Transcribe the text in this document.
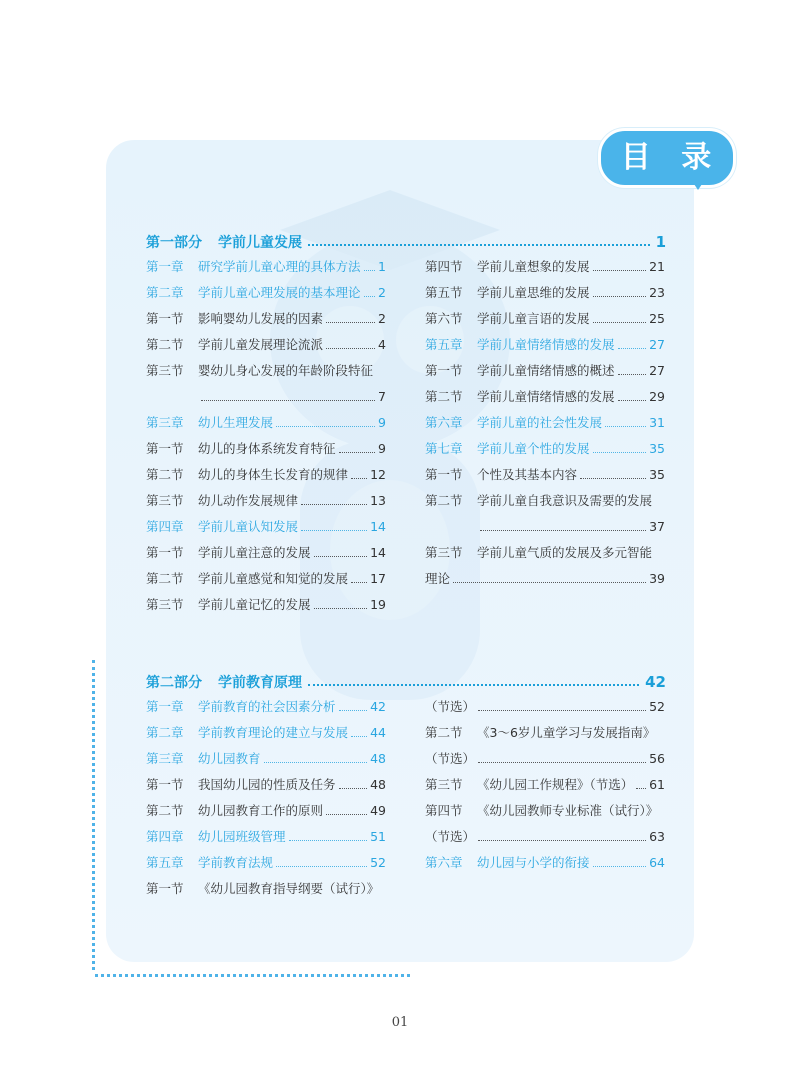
目 录
第一部分 学前儿童发展	1
第一章	研究学前儿童心理的具体方法 1
第二章	学前儿童心理发展的基本理论 2
第一节	影响婴幼儿发展的因素	2
第二节	学前儿童发展理论流派	4
第三节	婴幼儿身心发展的年龄阶段特征
7
第三章	幼儿生理发展	9
第一节	幼儿的身体系统发育特征	9
第二节	幼儿的身体生长发育的规律 12
第三节	幼儿动作发展规律	13
第四章	学前儿童认知发展	14
第一节	学前儿童注意的发展	14
第二节	学前儿童感觉和知觉的发展 17
第三节	学前儿童记忆的发展	19
第四节	学前儿童想象的发展	21
第五节	学前儿童思维的发展	23
第六节	学前儿童言语的发展	25
第五章	学前儿童情绪情感的发展	27
第一节	学前儿童情绪情感的概述	27
第二节	学前儿童情绪情感的发展	29
第六章	学前儿童的社会性发展	31
第七章	学前儿童个性的发展	35
第一节	个性及其基本内容	35
第二节	学前儿童自我意识及需要的发展
37
第三节	学前儿童气质的发展及多元智能
理论	39
第二部分 学前教育原理	42
第一章	学前教育的社会因素分析	42
第二章	学前教育理论的建立与发展 44
第三章	幼儿园教育	48
第一节	我国幼儿园的性质及任务	48
第二节	幼儿园教育工作的原则	49
第四章	幼儿园班级管理	51
第五章	学前教育法规	52
第一节	《幼儿园教育指导纲要（试行）》
（节选）	52
第二节	《3～6岁儿童学习与发展指南》
（节选）	56
第三节	《幼儿园工作规程》（节选） 61
第四节	《幼儿园教师专业标准（试行）》
（节选）	63
第六章	幼儿园与小学的衔接	64
01
